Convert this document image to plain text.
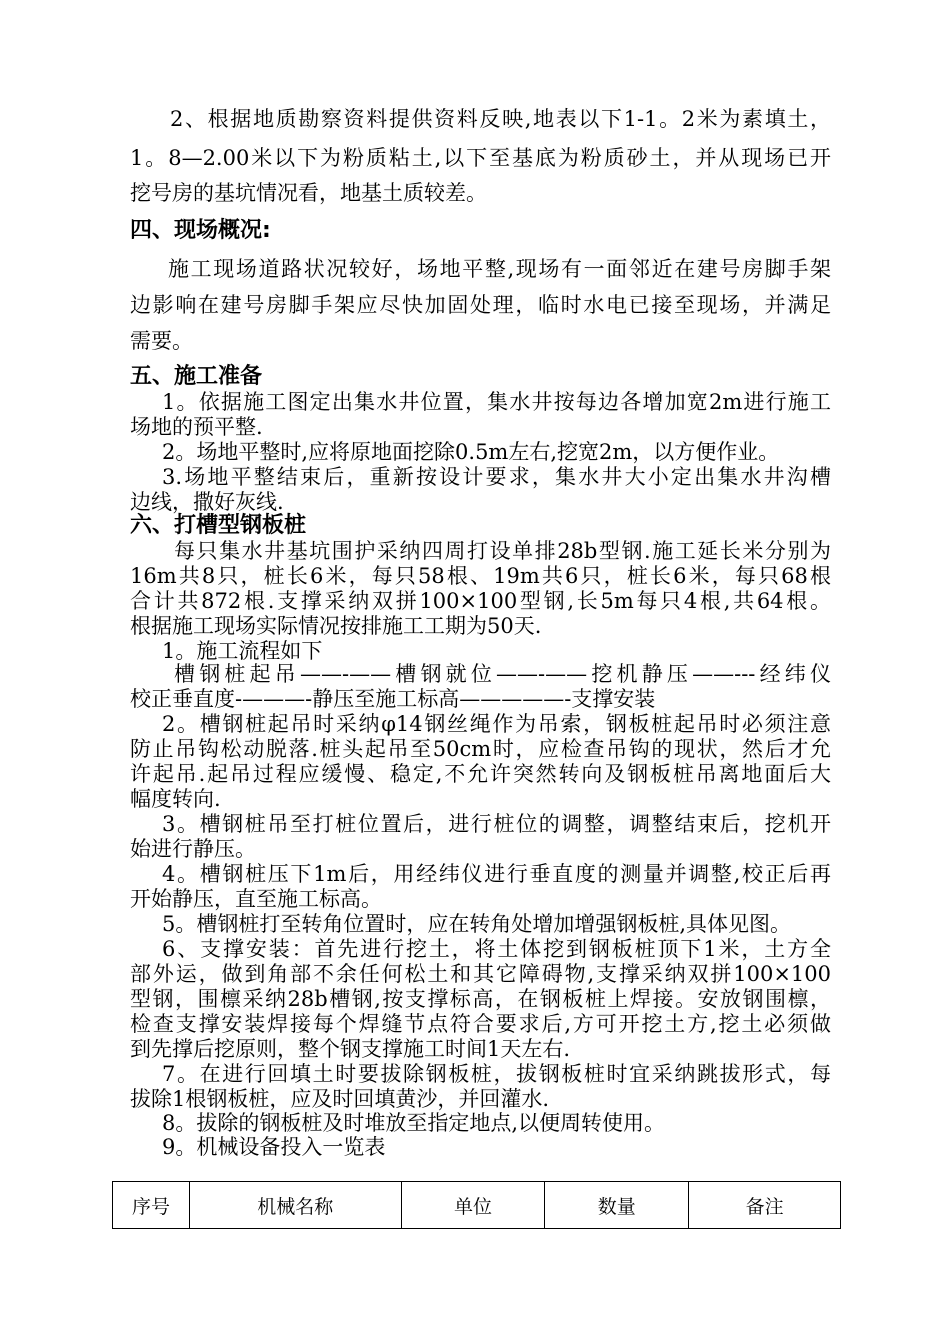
2、根据地质勘察资料提供资料反映,地表以下1-1。2米为素填土，
1。8—2.00米以下为粉质粘土,以下至基底为粉质砂土，并从现场已开
挖号房的基坑情况看，地基土质较差。
四、现场概况:
施工现场道路状况较好，场地平整,现场有一面邻近在建号房脚手架
边影响在建号房脚手架应尽快加固处理，临时水电已接至现场，并满足
需要。
五、施工准备
1。依据施工图定出集水井位置，集水井按每边各增加宽2m进行施工
场地的预平整.
2。场地平整时,应将原地面挖除0.5m左右,挖宽2m，以方便作业。
3.场地平整结束后，重新按设计要求，集水井大小定出集水井沟槽
边线，撒好灰线.
六、打槽型钢板桩
每只集水井基坑围护采纳四周打设单排28b型钢.施工延长米分别为
16m共8只，桩长6米，每只58根、19m共6只，桩长6米，每只68根
合计共872根.支撑采纳双拼100×100型钢,长5m每只4根,共64根。
根据施工现场实际情况按排施工工期为50天.
1。施工流程如下
槽钢桩起吊——-——槽钢就位——-——挖机静压——---经纬仪
校正垂直度-———-静压至施工标高—————-支撑安装
2。槽钢桩起吊时采纳φ14钢丝绳作为吊索，钢板桩起吊时必须注意
防止吊钩松动脱落.桩头起吊至50cm时，应检查吊钩的现状，然后才允
许起吊.起吊过程应缓慢、稳定,不允许突然转向及钢板桩吊离地面后大
幅度转向.
3。槽钢桩吊至打桩位置后，进行桩位的调整，调整结束后，挖机开
始进行静压。
4。槽钢桩压下1m后，用经纬仪进行垂直度的测量并调整,校正后再
开始静压，直至施工标高。
5。槽钢桩打至转角位置时，应在转角处增加增强钢板桩,具体见图。
6、支撑安装：首先进行挖土，将土体挖到钢板桩顶下1米，土方全
部外运，做到角部不余任何松土和其它障碍物,支撑采纳双拼100×100
型钢，围檩采纳28b槽钢,按支撑标高，在钢板桩上焊接。安放钢围檩，
检查支撑安装焊接每个焊缝节点符合要求后,方可开挖土方,挖土必须做
到先撑后挖原则，整个钢支撑施工时间1天左右.
7。在进行回填土时要拔除钢板桩，拔钢板桩时宜采纳跳拔形式，每
拔除1根钢板桩，应及时回填黄沙，并回灌水.
8。拔除的钢板桩及时堆放至指定地点,以便周转使用。
9。机械设备投入一览表
序号	机械名称	单位	数量	备注
